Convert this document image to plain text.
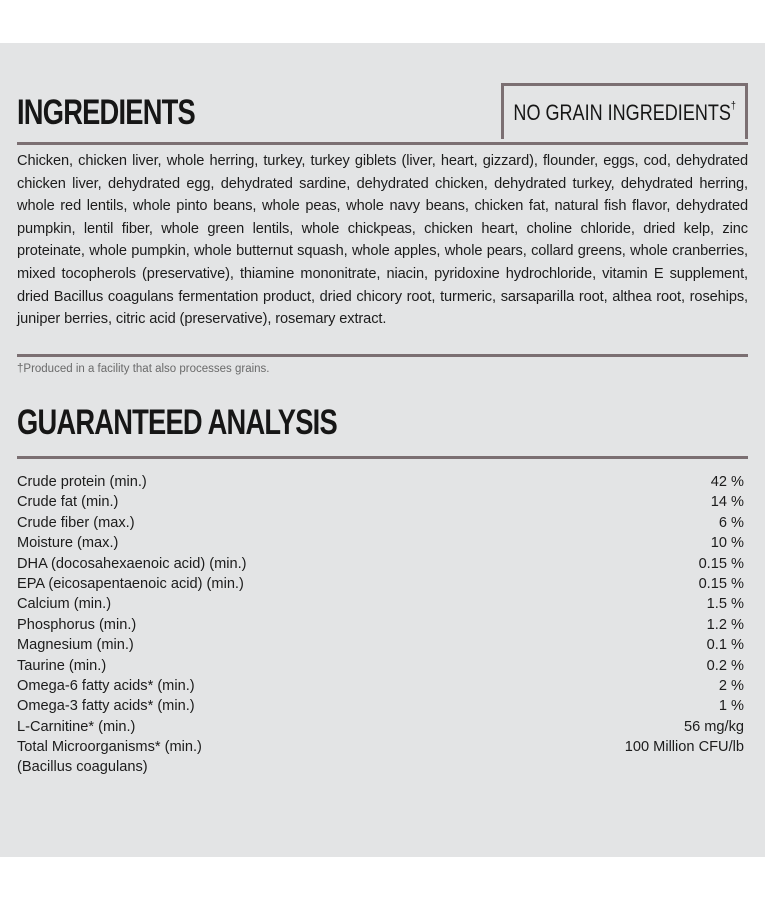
INGREDIENTS	NO GRAIN INGREDIENTS†
Chicken, chicken liver, whole herring, turkey, turkey giblets (liver, heart, gizzard), flounder, eggs, cod, dehydrated chicken liver, dehydrated egg, dehydrated sardine, dehydrated chicken, dehydrated turkey, dehydrated herring, whole red lentils, whole pinto beans, whole peas, whole navy beans, chicken fat, natural fish flavor, dehydrated pumpkin, lentil fiber, whole green lentils, whole chickpeas, chicken heart, choline chloride, dried kelp, zinc proteinate, whole pumpkin, whole butternut squash, whole apples, whole pears, collard greens, whole cranberries, mixed tocopherols (preservative), thiamine mononitrate, niacin, pyridoxine hydrochloride, vitamin E supplement, dried Bacillus coagulans fermentation product, dried chicory root, turmeric, sarsaparilla root, althea root, rosehips, juniper berries, citric acid (preservative), rosemary extract.
†Produced in a facility that also processes grains.
GUARANTEED ANALYSIS
Crude protein (min.)	42 %
Crude fat (min.)	14 %
Crude fiber (max.)	6 %
Moisture (max.)	10 %
DHA (docosahexaenoic acid) (min.)	0.15 %
EPA (eicosapentaenoic acid) (min.)	0.15 %
Calcium (min.)	1.5 %
Phosphorus (min.)	1.2 %
Magnesium (min.)	0.1 %
Taurine (min.)	0.2 %
Omega-6 fatty acids* (min.)	2 %
Omega-3 fatty acids* (min.)	1 %
L-Carnitine* (min.)	56 mg/kg
Total Microorganisms* (min.)	100 Million CFU/lb
(Bacillus coagulans)
